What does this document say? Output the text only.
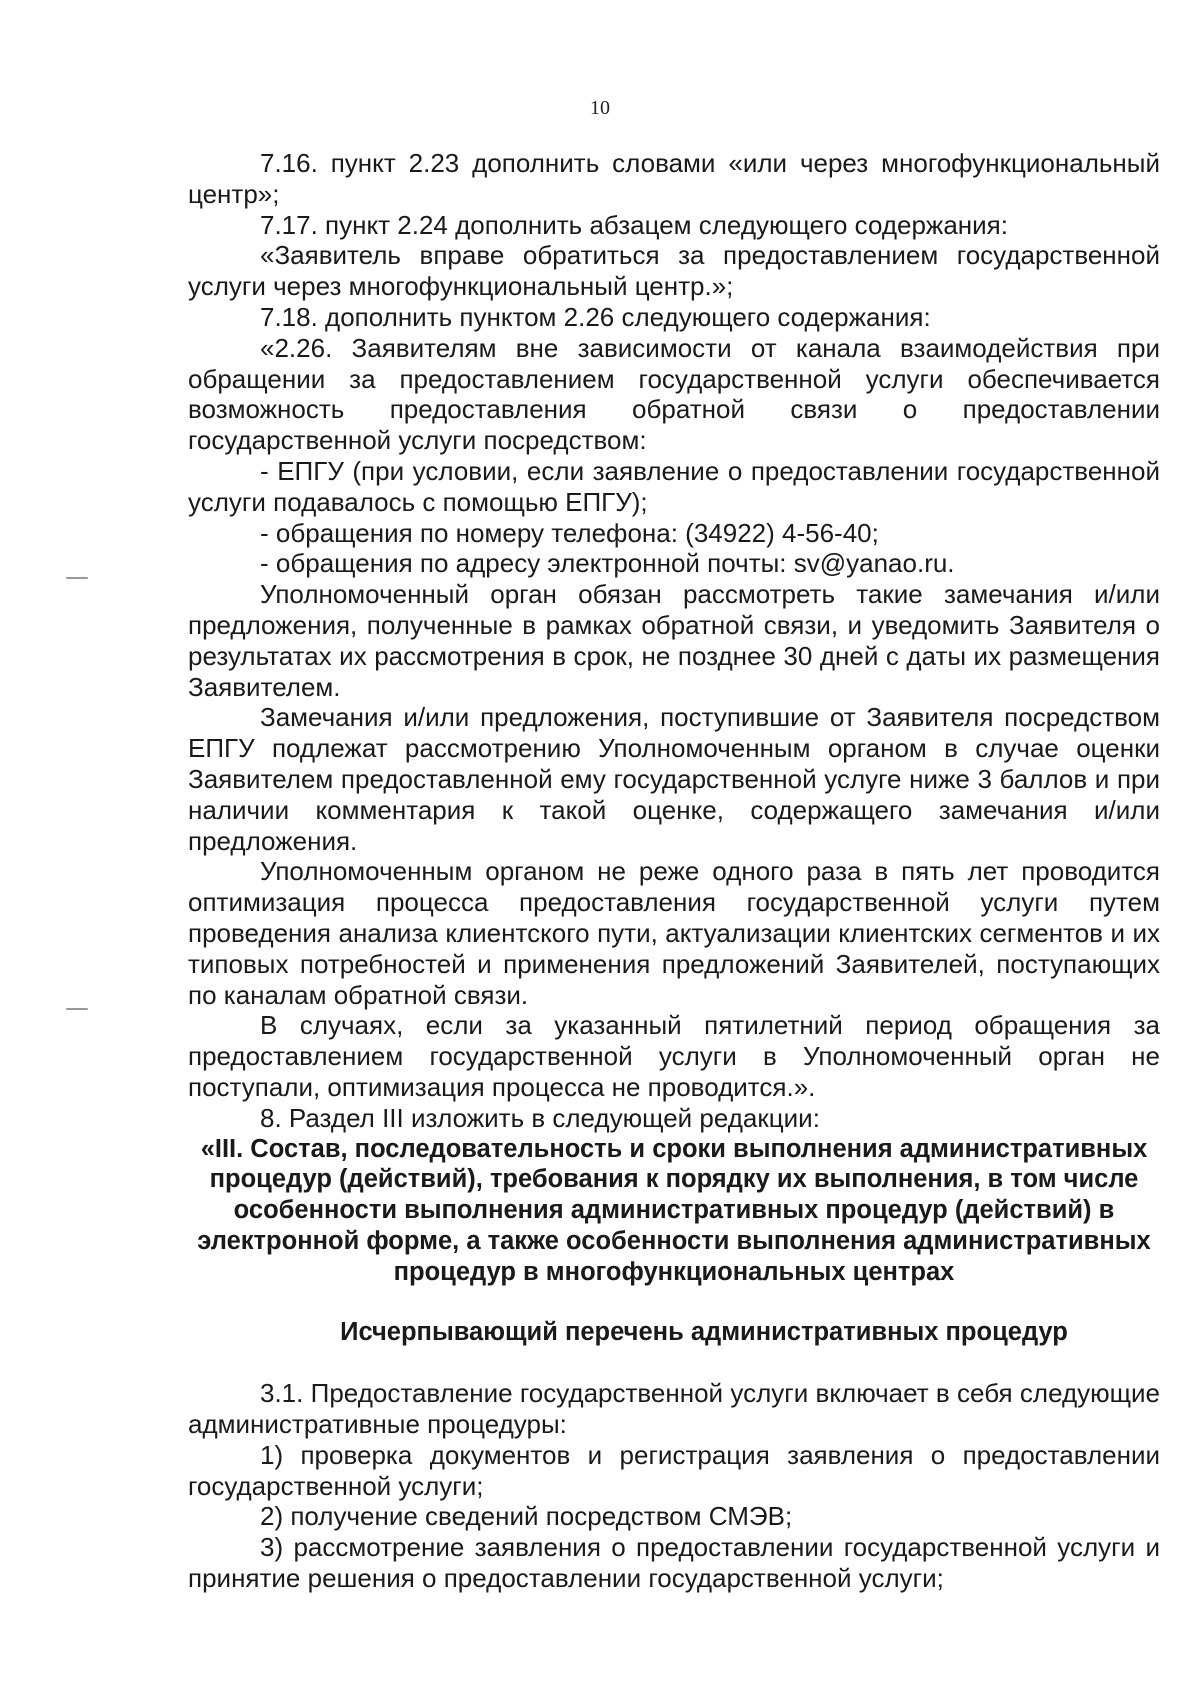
10

7.16. пункт 2.23 дополнить словами «или через многофункциональный центр»;

7.17. пункт 2.24 дополнить абзацем следующего содержания:

«Заявитель вправе обратиться за предоставлением государственной услуги через многофункциональный центр.»;

7.18. дополнить пунктом 2.26 следующего содержания:

«2.26. Заявителям вне зависимости от канала взаимодействия при обращении за предоставлением государственной услуги обеспечивается возможность предоставления обратной связи о предоставлении государственной услуги посредством:

- ЕПГУ (при условии, если заявление о предоставлении государственной услуги подавалось с помощью ЕПГУ);

- обращения по номеру телефона: (34922) 4-56-40;

- обращения по адресу электронной почты: sv@yanao.ru.

Уполномоченный орган обязан рассмотреть такие замечания и/или предложения, полученные в рамках обратной связи, и уведомить Заявителя о результатах их рассмотрения в срок, не позднее 30 дней с даты их размещения Заявителем.

Замечания и/или предложения, поступившие от Заявителя посредством ЕПГУ подлежат рассмотрению Уполномоченным органом в случае оценки Заявителем предоставленной ему государственной услуге ниже 3 баллов и при наличии комментария к такой оценке, содержащего замечания и/или предложения.

Уполномоченным органом не реже одного раза в пять лет проводится оптимизация процесса предоставления государственной услуги путем проведения анализа клиентского пути, актуализации клиентских сегментов и их типовых потребностей и применения предложений Заявителей, поступающих по каналам обратной связи.

В случаях, если за указанный пятилетний период обращения за предоставлением государственной услуги в Уполномоченный орган не поступали, оптимизация процесса не проводится.».

8. Раздел III изложить в следующей редакции:

«III. Состав, последовательность и сроки выполнения административных процедур (действий), требования к порядку их выполнения, в том числе особенности выполнения административных процедур (действий) в электронной форме, а также особенности выполнения административных процедур в многофункциональных центрах
Исчерпывающий перечень административных процедур

3.1. Предоставление государственной услуги включает в себя следующие административные процедуры:

1) проверка документов и регистрация заявления о предоставлении государственной услуги;

2) получение сведений посредством СМЭВ;

3) рассмотрение заявления о предоставлении государственной услуги и принятие решения о предоставлении государственной услуги;
